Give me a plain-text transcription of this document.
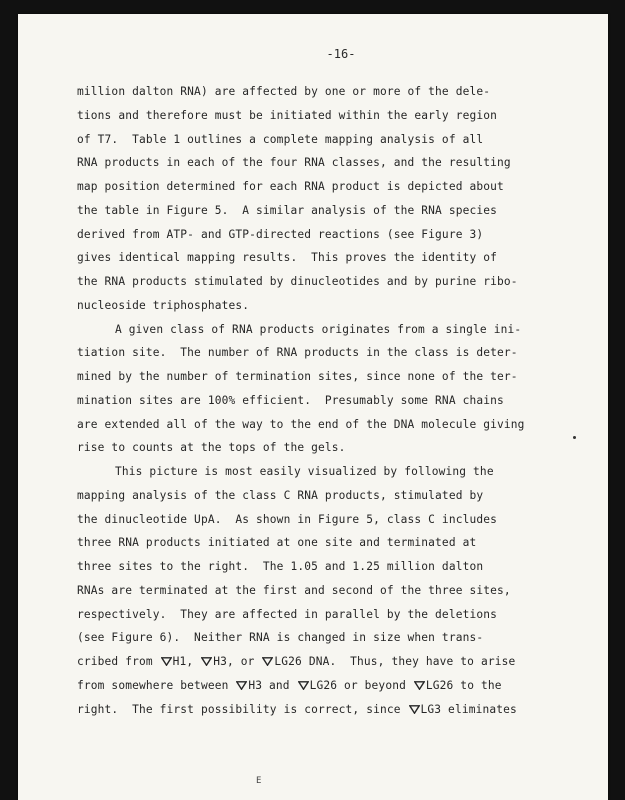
-16-
million dalton RNA) are affected by one or more of the dele-
tions and therefore must be initiated within the early region
of T7.  Table 1 outlines a complete mapping analysis of all
RNA products in each of the four RNA classes, and the resulting
map position determined for each RNA product is depicted about
the table in Figure 5.  A similar analysis of the RNA species
derived from ATP- and GTP-directed reactions (see Figure 3)
gives identical mapping results.  This proves the identity of
the RNA products stimulated by dinucleotides and by purine ribo-
nucleoside triphosphates.
A given class of RNA products originates from a single ini-
tiation site.  The number of RNA products in the class is deter-
mined by the number of termination sites, since none of the ter-
mination sites are 100% efficient.  Presumably some RNA chains
are extended all of the way to the end of the DNA molecule giving
rise to counts at the tops of the gels.
This picture is most easily visualized by following the
mapping analysis of the class C RNA products, stimulated by
the dinucleotide UpA.  As shown in Figure 5, class C includes
three RNA products initiated at one site and terminated at
three sites to the right.  The 1.05 and 1.25 million dalton
RNAs are terminated at the first and second of the three sites,
respectively.  They are affected in parallel by the deletions
(see Figure 6).  Neither RNA is changed in size when trans-
cribed from
H1,
H3, or
LG26 DNA.  Thus, they have to arise
from somewhere between
H3 and
LG26 or beyond
LG26 to the
right.  The first possibility is correct, since
LG3 eliminates
E
